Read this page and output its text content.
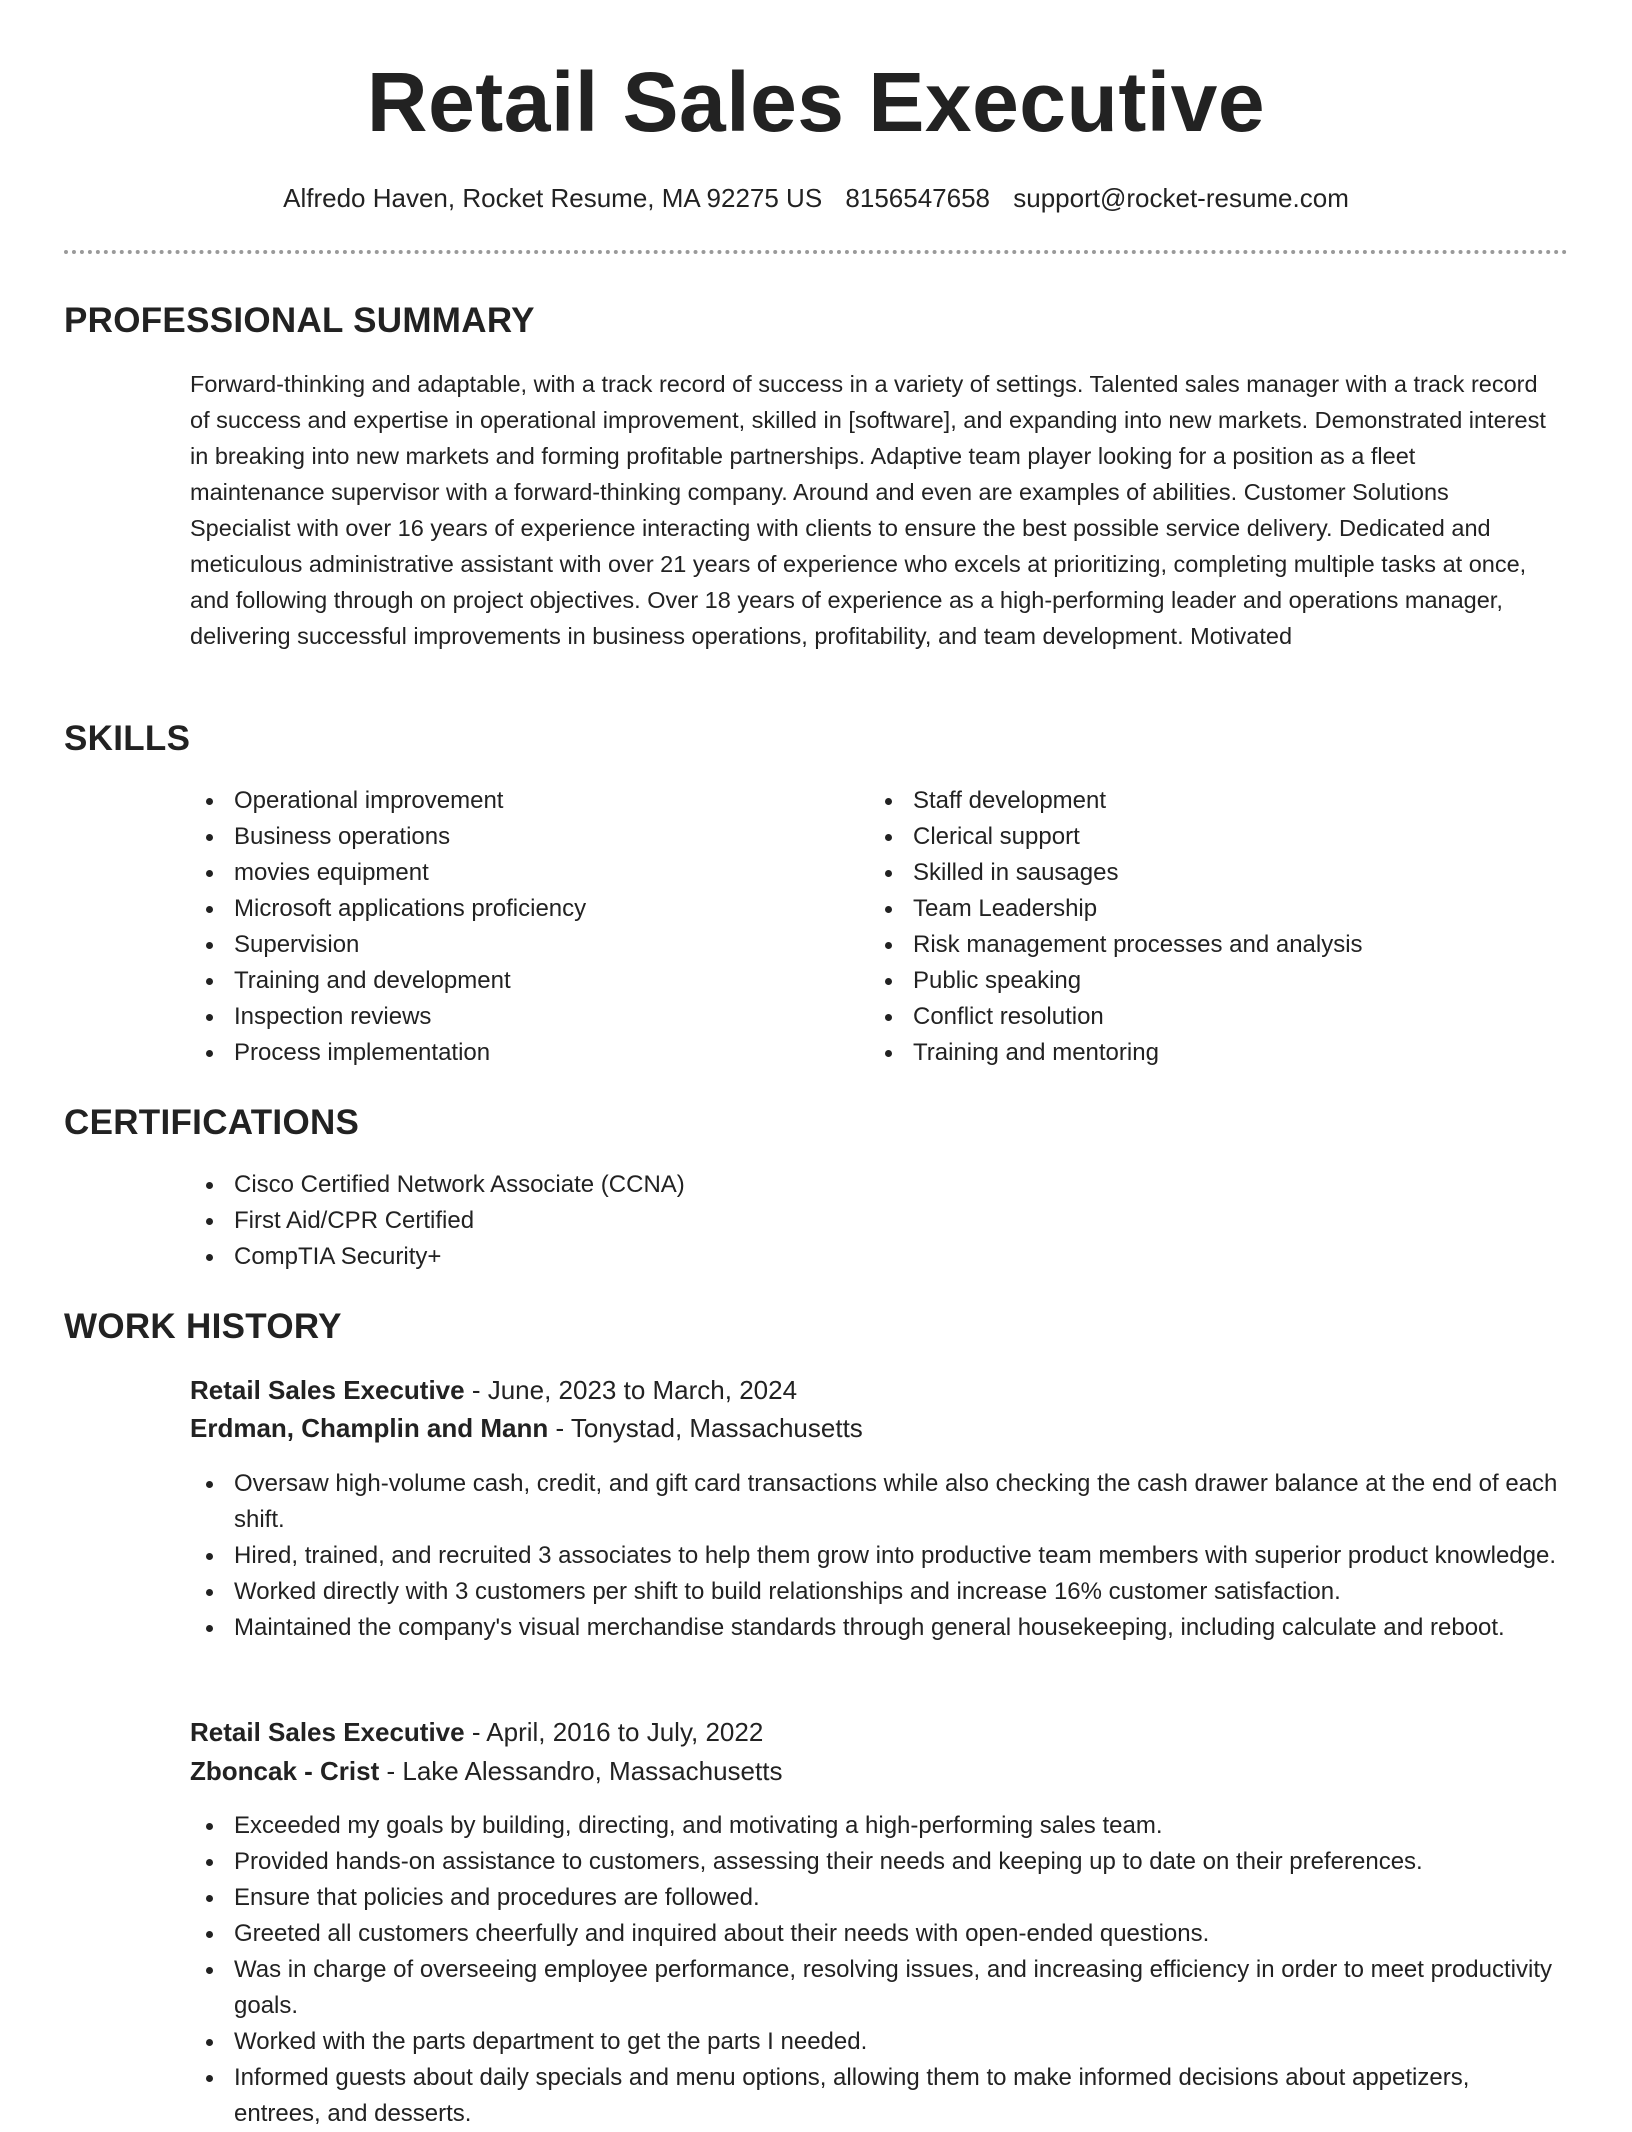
Retail Sales Executive
Alfredo Haven, Rocket Resume, MA 92275 US 8156547658 support@rocket-resume.com
PROFESSIONAL SUMMARY
Forward-thinking and adaptable, with a track record of success in a variety of settings. Talented sales manager with a track record of success and expertise in operational improvement, skilled in [software], and expanding into new markets. Demonstrated interest in breaking into new markets and forming profitable partnerships. Adaptive team player looking for a position as a fleet maintenance supervisor with a forward-thinking company. Around and even are examples of abilities. Customer Solutions Specialist with over 16 years of experience interacting with clients to ensure the best possible service delivery. Dedicated and meticulous administrative assistant with over 21 years of experience who excels at prioritizing, completing multiple tasks at once, and following through on project objectives. Over 18 years of experience as a high-performing leader and operations manager, delivering successful improvements in business operations, profitability, and team development. Motivated
SKILLS
Operational improvement
Business operations
movies equipment
Microsoft applications proficiency
Supervision
Training and development
Inspection reviews
Process implementation
Staff development
Clerical support
Skilled in sausages
Team Leadership
Risk management processes and analysis
Public speaking
Conflict resolution
Training and mentoring
CERTIFICATIONS
Cisco Certified Network Associate (CCNA)
First Aid/CPR Certified
CompTIA Security+
WORK HISTORY
Retail Sales Executive - June, 2023 to March, 2024
Erdman, Champlin and Mann - Tonystad, Massachusetts
Oversaw high-volume cash, credit, and gift card transactions while also checking the cash drawer balance at the end of each shift.
Hired, trained, and recruited 3 associates to help them grow into productive team members with superior product knowledge.
Worked directly with 3 customers per shift to build relationships and increase 16% customer satisfaction.
Maintained the company's visual merchandise standards through general housekeeping, including calculate and reboot.
Retail Sales Executive - April, 2016 to July, 2022
Zboncak - Crist - Lake Alessandro, Massachusetts
Exceeded my goals by building, directing, and motivating a high-performing sales team.
Provided hands-on assistance to customers, assessing their needs and keeping up to date on their preferences.
Ensure that policies and procedures are followed.
Greeted all customers cheerfully and inquired about their needs with open-ended questions.
Was in charge of overseeing employee performance, resolving issues, and increasing efficiency in order to meet productivity goals.
Worked with the parts department to get the parts I needed.
Informed guests about daily specials and menu options, allowing them to make informed decisions about appetizers, entrees, and desserts.
